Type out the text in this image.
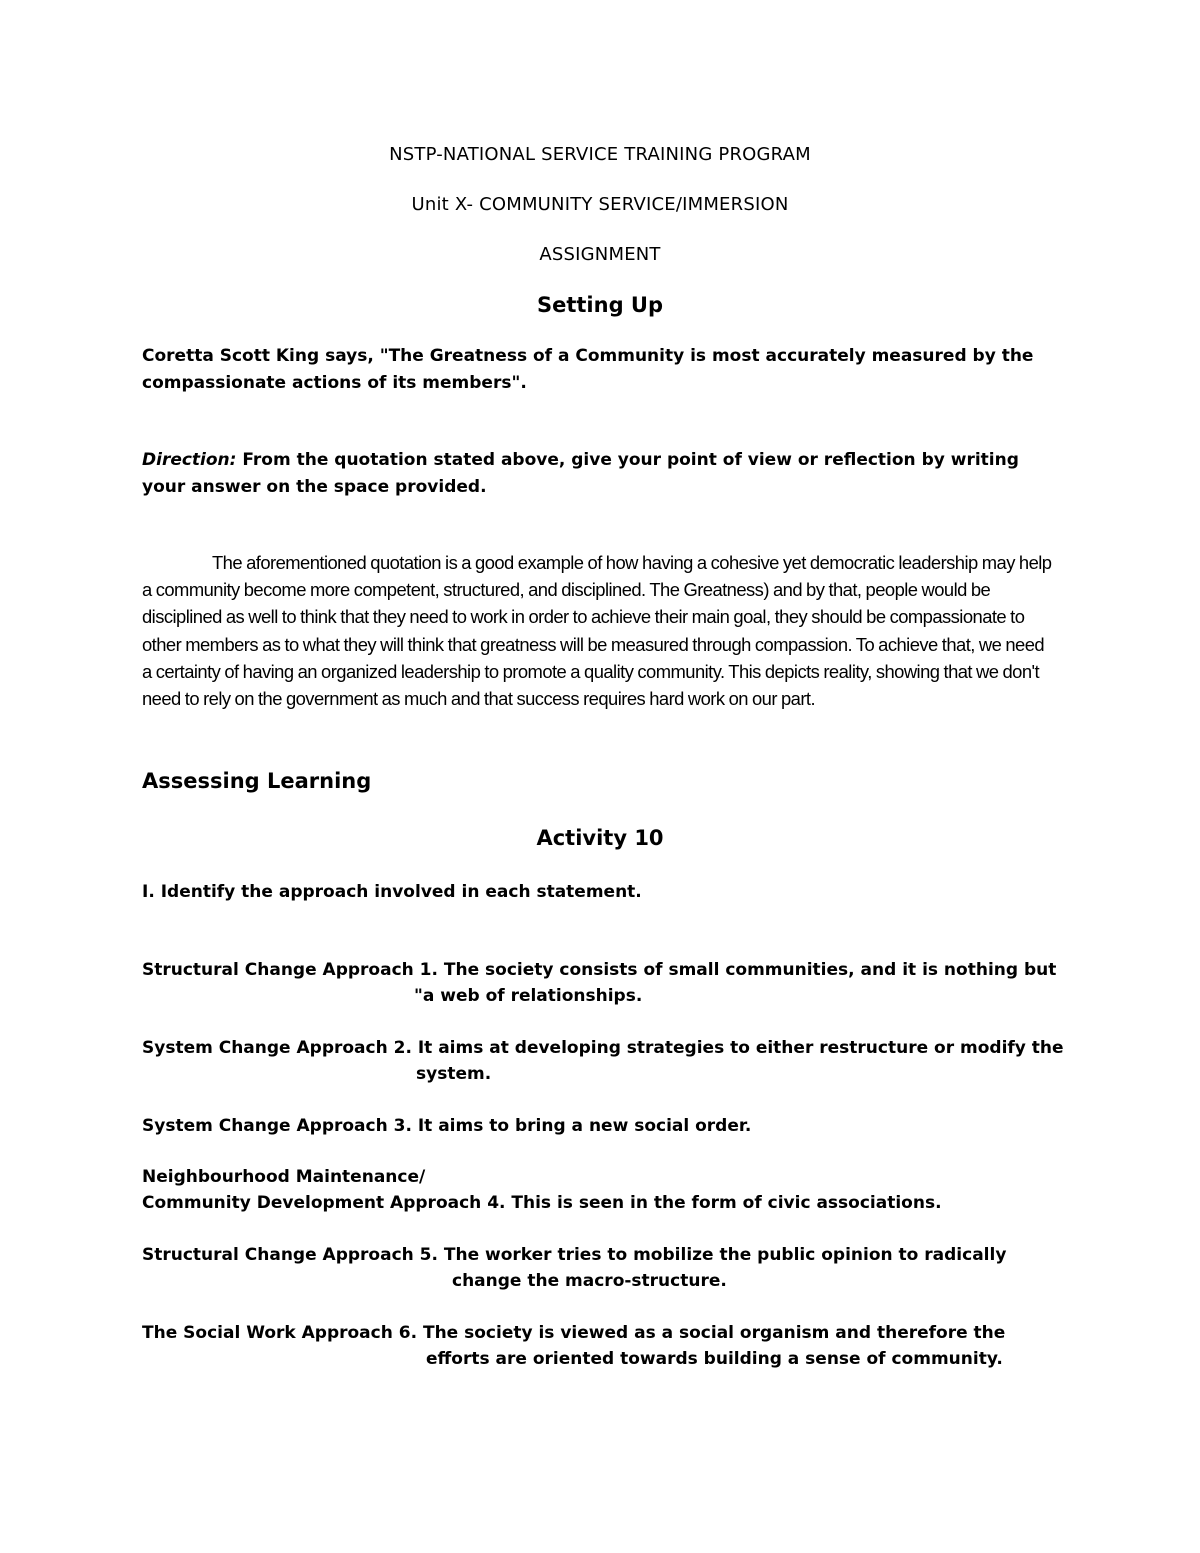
NSTP-NATIONAL SERVICE TRAINING PROGRAM
Unit X- COMMUNITY SERVICE/IMMERSION
ASSIGNMENT
Setting Up
Coretta Scott King says, "The Greatness of a Community is most accurately measured by the compassionate actions of its members".
Direction: From the quotation stated above, give your point of view or reflection by writing your answer on the space provided.
The aforementioned quotation is a good example of how having a cohesive yet democratic leadership may help a community become more competent, structured, and disciplined. The Greatness) and by that, people would be disciplined as well to think that they need to work in order to achieve their main goal, they should be compassionate to other members as to what they will think that greatness will be measured through compassion. To achieve that, we need a certainty of having an organized leadership to promote a quality community. This depicts reality, showing that we don't need to rely on the government as much and that success requires hard work on our part.
Assessing Learning
Activity 10
I. Identify the approach involved in each statement.
Structural Change Approach 1. The society consists of small communities, and it is nothing but
"a web of relationships.
System Change Approach 2. It aims at developing strategies to either restructure or modify the
system.
System Change Approach 3. It aims to bring a new social order.
Neighbourhood Maintenance/
Community Development Approach 4. This is seen in the form of civic associations.
Structural Change Approach 5. The worker tries to mobilize the public opinion to radically
change the macro-structure.
The Social Work Approach 6. The society is viewed as a social organism and therefore the
efforts are oriented towards building a sense of community.
